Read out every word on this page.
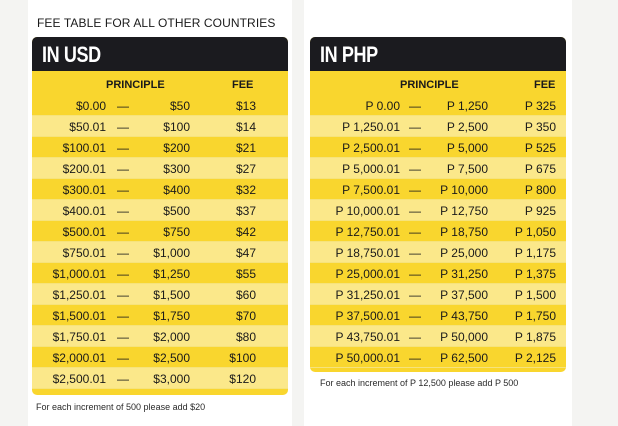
FEE TABLE FOR ALL OTHER COUNTRIES
IN USD
PRINCIPLE	FEE
$0.00 —	$50	$13
$50.01 —	$100	$14
$100.01 —	$200	$21
$200.01 —	$300	$27
$300.01 —	$400	$32
$400.01 —	$500	$37
$500.01 —	$750	$42
$750.01 —	$1,000	$47
$1,000.01 —	$1,250	$55
$1,250.01 —	$1,500	$60
$1,500.01 —	$1,750	$70
$1,750.01 —	$2,000	$80
$2,000.01 —	$2,500	$100
$2,500.01 —	$3,000	$120
For each increment of 500 please add $20
IN PHP
PRINCIPLE	FEE
P 0.00 —	P 1,250	P 325
P 1,250.01 —	P 2,500	P 350
P 2,500.01 —	P 5,000	P 525
P 5,000.01 —	P 7,500	P 675
P 7,500.01 —	P 10,000	P 800
P 10,000.01 —	P 12,750	P 925
P 12,750.01 —	P 18,750	P 1,050
P 18,750.01 —	P 25,000	P 1,175
P 25,000.01 —	P 31,250	P 1,375
P 31,250.01 —	P 37,500	P 1,500
P 37,500.01 —	P 43,750	P 1,750
P 43,750.01 —	P 50,000	P 1,875
P 50,000.01 —	P 62,500	P 2,125
For each increment of P 12,500 please add P 500
